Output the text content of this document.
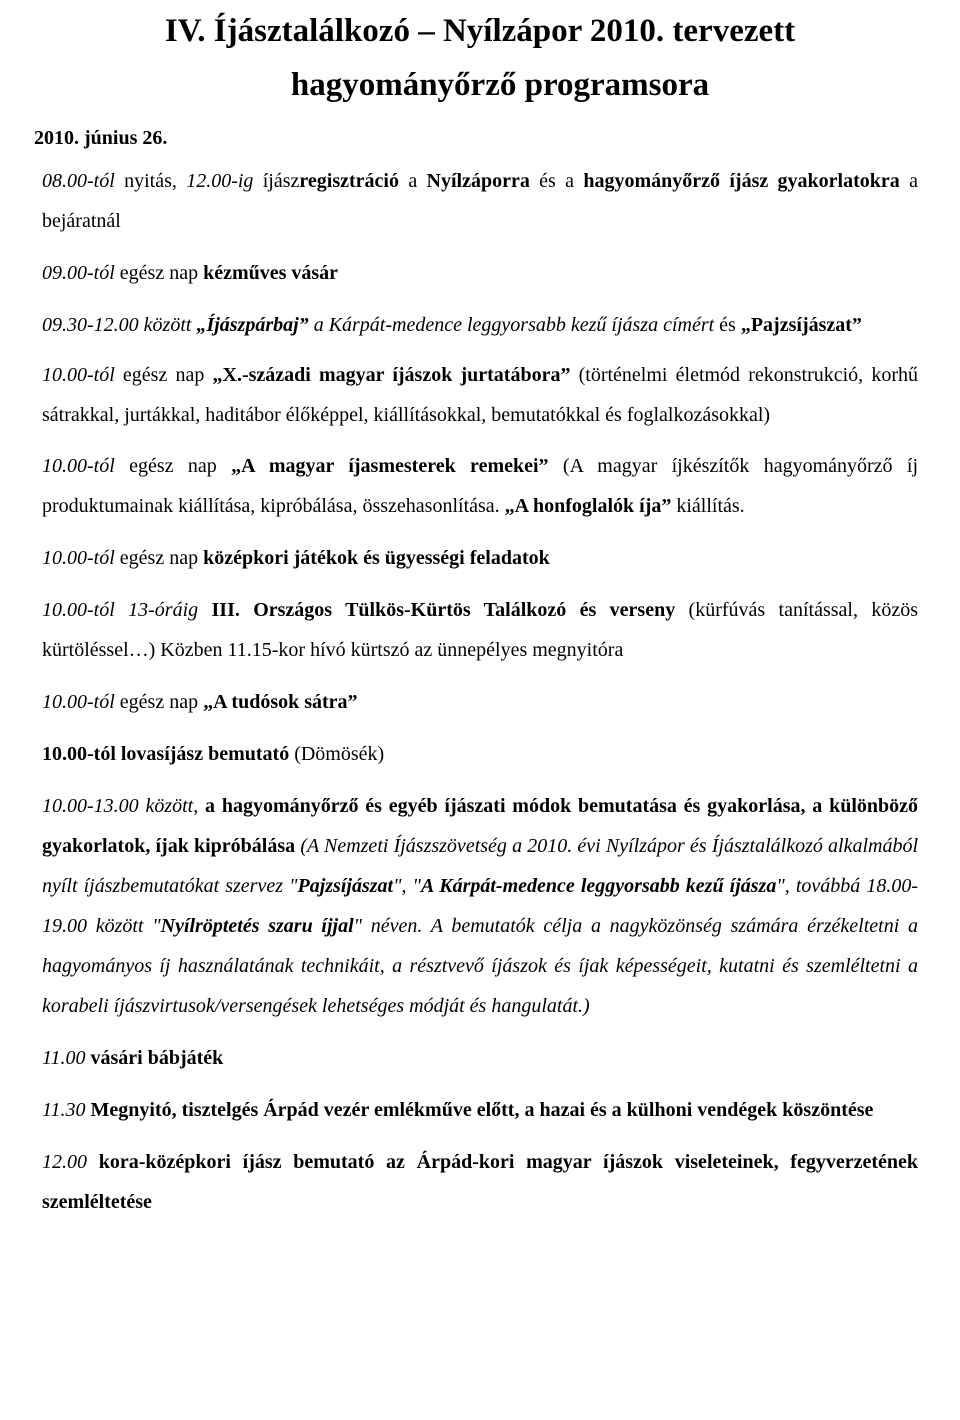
IV. Íjásztalálkozó – Nyílzápor 2010. tervezett
hagyományőrző programsora
2010. június 26.

08.00-tól nyitás, 12.00-ig íjászregisztráció a Nyílzáporra és a hagyományőrző íjász gyakorlatokra a bejáratnál

09.00-tól egész nap kézműves vásár

09.30-12.00 között „Íjászpárbaj” a Kárpát-medence leggyorsabb kezű íjásza címért és „Pajzsíjászat”

10.00-tól egész nap „X.-századi magyar íjászok jurtatábora” (történelmi életmód rekonstrukció, korhű sátrakkal, jurtákkal, haditábor élőképpel, kiállításokkal, bemutatókkal és foglalkozásokkal)

10.00-tól egész nap „A magyar íjasmesterek remekei” (A magyar íjkészítők hagyományőrző íj produktumainak kiállítása, kipróbálása, összehasonlítása. „A honfoglalók íja” kiállítás.

10.00-tól egész nap középkori játékok és ügyességi feladatok

10.00-tól 13-óráig III. Országos Tülkös-Kürtös Találkozó és verseny (kürfúvás tanítással, közös kürtöléssel…) Közben 11.15-kor hívó kürtszó az ünnepélyes megnyitóra

10.00-tól egész nap „A tudósok sátra”

10.00-tól lovasíjász bemutató (Dömösék)

10.00-13.00 között, a hagyományőrző és egyéb íjászati módok bemutatása és gyakorlása, a különböző gyakorlatok, íjak kipróbálása (A Nemzeti Íjászszövetség a 2010. évi Nyílzápor és Íjásztalálkozó alkalmából nyílt íjászbemutatókat szervez "Pajzsíjászat", "A Kárpát-medence leggyorsabb kezű íjásza", továbbá 18.00-19.00 között "Nyílröptetés szaru íjjal" néven. A bemutatók célja a nagyközönség számára érzékeltetni a hagyományos íj használatának technikáit, a résztvevő íjászok és íjak képességeit, kutatni és szemléltetni a korabeli íjászvirtusok/versengések lehetséges módját és hangulatát.)

11.00 vásári bábjáték

11.30 Megnyitó, tisztelgés Árpád vezér emlékműve előtt, a hazai és a külhoni vendégek köszöntése

12.00 kora-középkori íjász bemutató az Árpád-kori magyar íjászok viseleteinek, fegyverzetének szemléltetése
